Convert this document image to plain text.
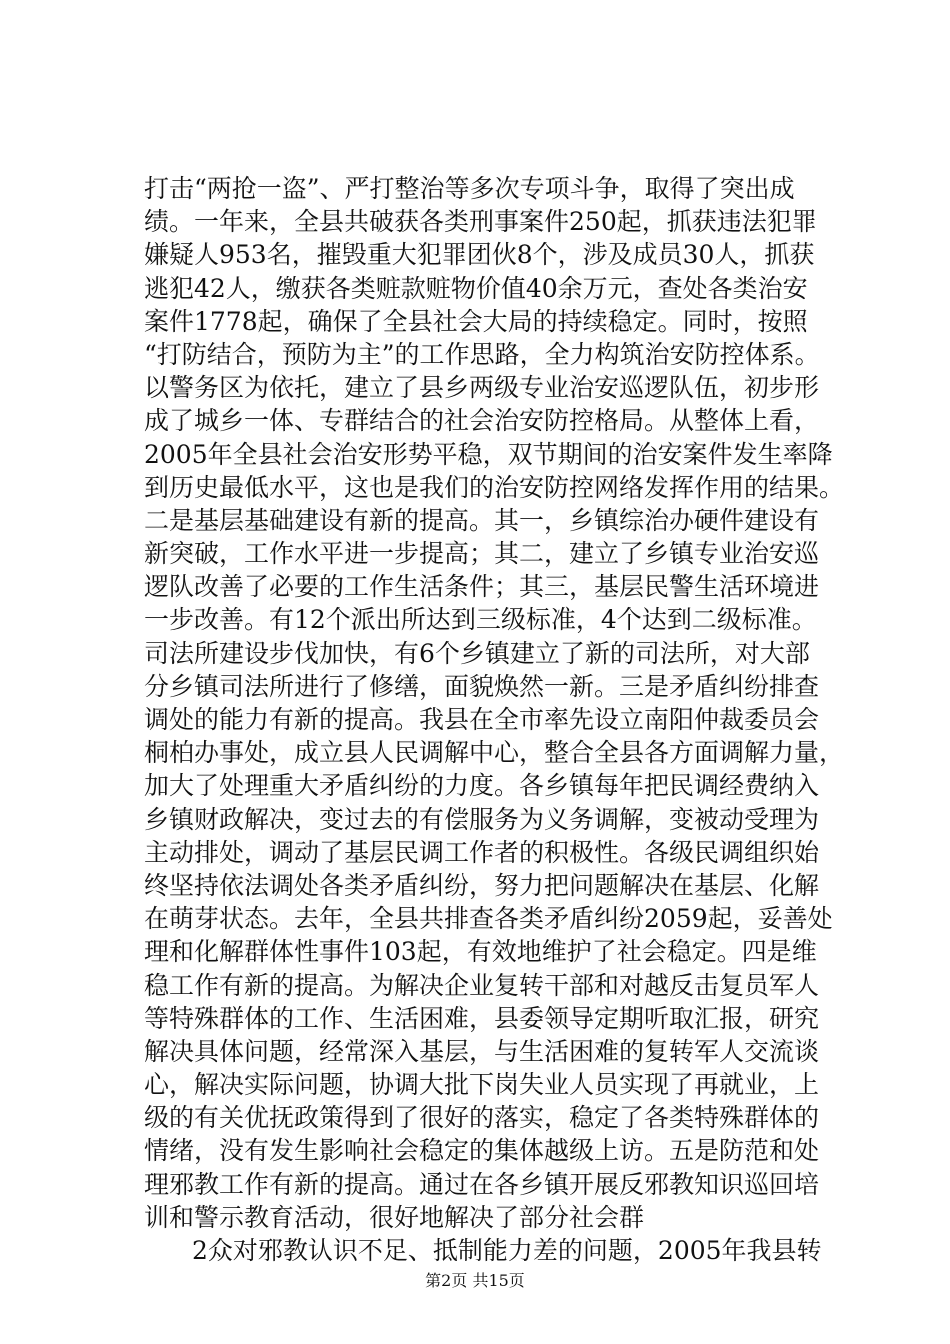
打击“两抢一盗”、严打整治等多次专项斗争，取得了突出成
绩。一年来，全县共破获各类刑事案件250起，抓获违法犯罪
嫌疑人953名，摧毁重大犯罪团伙8个，涉及成员30人，抓获
逃犯42人，缴获各类赃款赃物价值40余万元，查处各类治安
案件1778起，确保了全县社会大局的持续稳定。同时，按照
“打防结合，预防为主”的工作思路，全力构筑治安防控体系。
以警务区为依托，建立了县乡两级专业治安巡逻队伍，初步形
成了城乡一体、专群结合的社会治安防控格局。从整体上看，
2005年全县社会治安形势平稳，双节期间的治安案件发生率降
到历史最低水平，这也是我们的治安防控网络发挥作用的结果。
二是基层基础建设有新的提高。其一，乡镇综治办硬件建设有
新突破，工作水平进一步提高；其二，建立了乡镇专业治安巡
逻队改善了必要的工作生活条件；其三，基层民警生活环境进
一步改善。有12个派出所达到三级标准，4个达到二级标准。
司法所建设步伐加快，有6个乡镇建立了新的司法所，对大部
分乡镇司法所进行了修缮，面貌焕然一新。三是矛盾纠纷排查
调处的能力有新的提高。我县在全市率先设立南阳仲裁委员会
桐柏办事处，成立县人民调解中心，整合全县各方面调解力量，
加大了处理重大矛盾纠纷的力度。各乡镇每年把民调经费纳入
乡镇财政解决，变过去的有偿服务为义务调解，变被动受理为
主动排处，调动了基层民调工作者的积极性。各级民调组织始
终坚持依法调处各类矛盾纠纷，努力把问题解决在基层、化解
在萌芽状态。去年，全县共排查各类矛盾纠纷2059起，妥善处
理和化解群体性事件103起，有效地维护了社会稳定。四是维
稳工作有新的提高。为解决企业复转干部和对越反击复员军人
等特殊群体的工作、生活困难，县委领导定期听取汇报，研究
解决具体问题，经常深入基层，与生活困难的复转军人交流谈
心，解决实际问题，协调大批下岗失业人员实现了再就业，上
级的有关优抚政策得到了很好的落实，稳定了各类特殊群体的
情绪，没有发生影响社会稳定的集体越级上访。五是防范和处
理邪教工作有新的提高。通过在各乡镇开展反邪教知识巡回培
训和警示教育活动，很好地解决了部分社会群
2众对邪教认识不足、抵制能力差的问题，2005年我县转
第2页 共15页
